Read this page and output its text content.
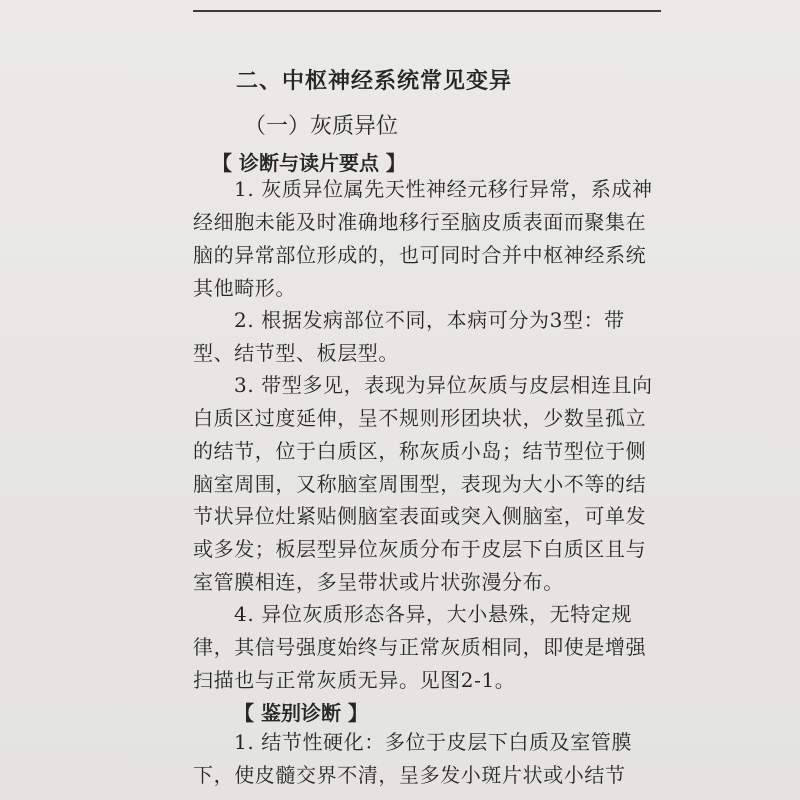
二、中枢神经系统常见变异
（一）灰质异位
【 诊断与读片要点 】
1. 灰质异位属先天性神经元移行异常，系成神
经细胞未能及时准确地移行至脑皮质表面而聚集在
脑的异常部位形成的，也可同时合并中枢神经系统
其他畸形。
2. 根据发病部位不同，本病可分为3型：带
型、结节型、板层型。
3. 带型多见，表现为异位灰质与皮层相连且向
白质区过度延伸，呈不规则形团块状，少数呈孤立
的结节，位于白质区，称灰质小岛；结节型位于侧
脑室周围，又称脑室周围型，表现为大小不等的结
节状异位灶紧贴侧脑室表面或突入侧脑室，可单发
或多发；板层型异位灰质分布于皮层下白质区且与
室管膜相连，多呈带状或片状弥漫分布。
4. 异位灰质形态各异，大小悬殊，无特定规
律，其信号强度始终与正常灰质相同，即使是增强
扫描也与正常灰质无异。见图2-1。
【 鉴别诊断 】
1. 结节性硬化：多位于皮层下白质及室管膜
下，使皮髓交界不清，呈多发小斑片状或小结节
